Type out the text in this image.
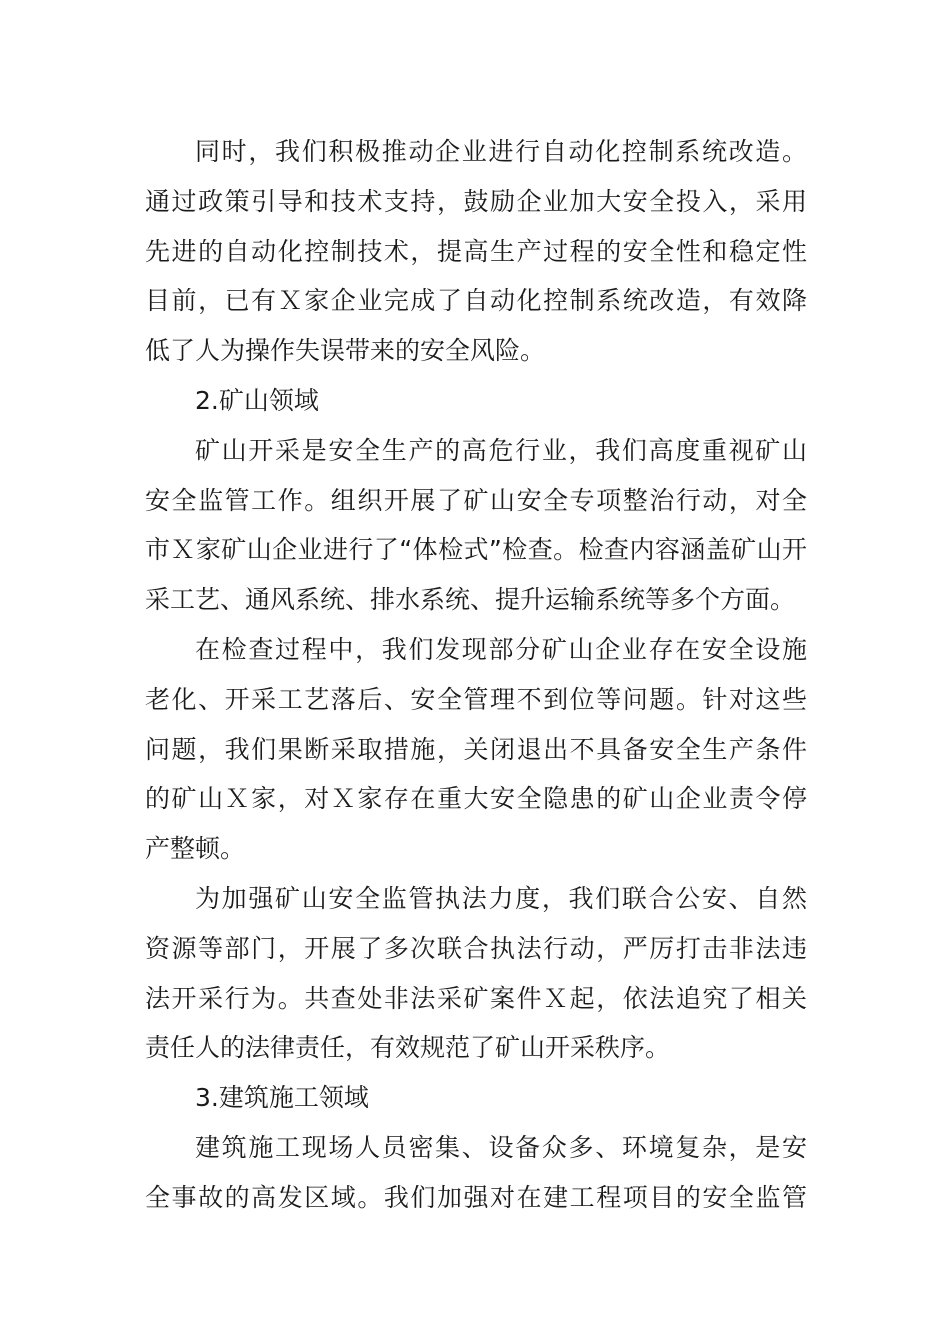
同时，我们积极推动企业进行自动化控制系统改造。
通过政策引导和技术支持，鼓励企业加大安全投入，采用
先进的自动化控制技术，提高生产过程的安全性和稳定性
目前，已有Ｘ家企业完成了自动化控制系统改造，有效降
低了人为操作失误带来的安全风险。
2.矿山领域
矿山开采是安全生产的高危行业，我们高度重视矿山
安全监管工作。组织开展了矿山安全专项整治行动，对全
市Ｘ家矿山企业进行了“体检式”检查。检查内容涵盖矿山开
采工艺、通风系统、排水系统、提升运输系统等多个方面。
在检查过程中，我们发现部分矿山企业存在安全设施
老化、开采工艺落后、安全管理不到位等问题。针对这些
问题，我们果断采取措施，关闭退出不具备安全生产条件
的矿山Ｘ家，对Ｘ家存在重大安全隐患的矿山企业责令停
产整顿。
为加强矿山安全监管执法力度，我们联合公安、自然
资源等部门，开展了多次联合执法行动，严厉打击非法违
法开采行为。共查处非法采矿案件Ｘ起，依法追究了相关
责任人的法律责任，有效规范了矿山开采秩序。
3.建筑施工领域
建筑施工现场人员密集、设备众多、环境复杂，是安
全事故的高发区域。我们加强对在建工程项目的安全监管
